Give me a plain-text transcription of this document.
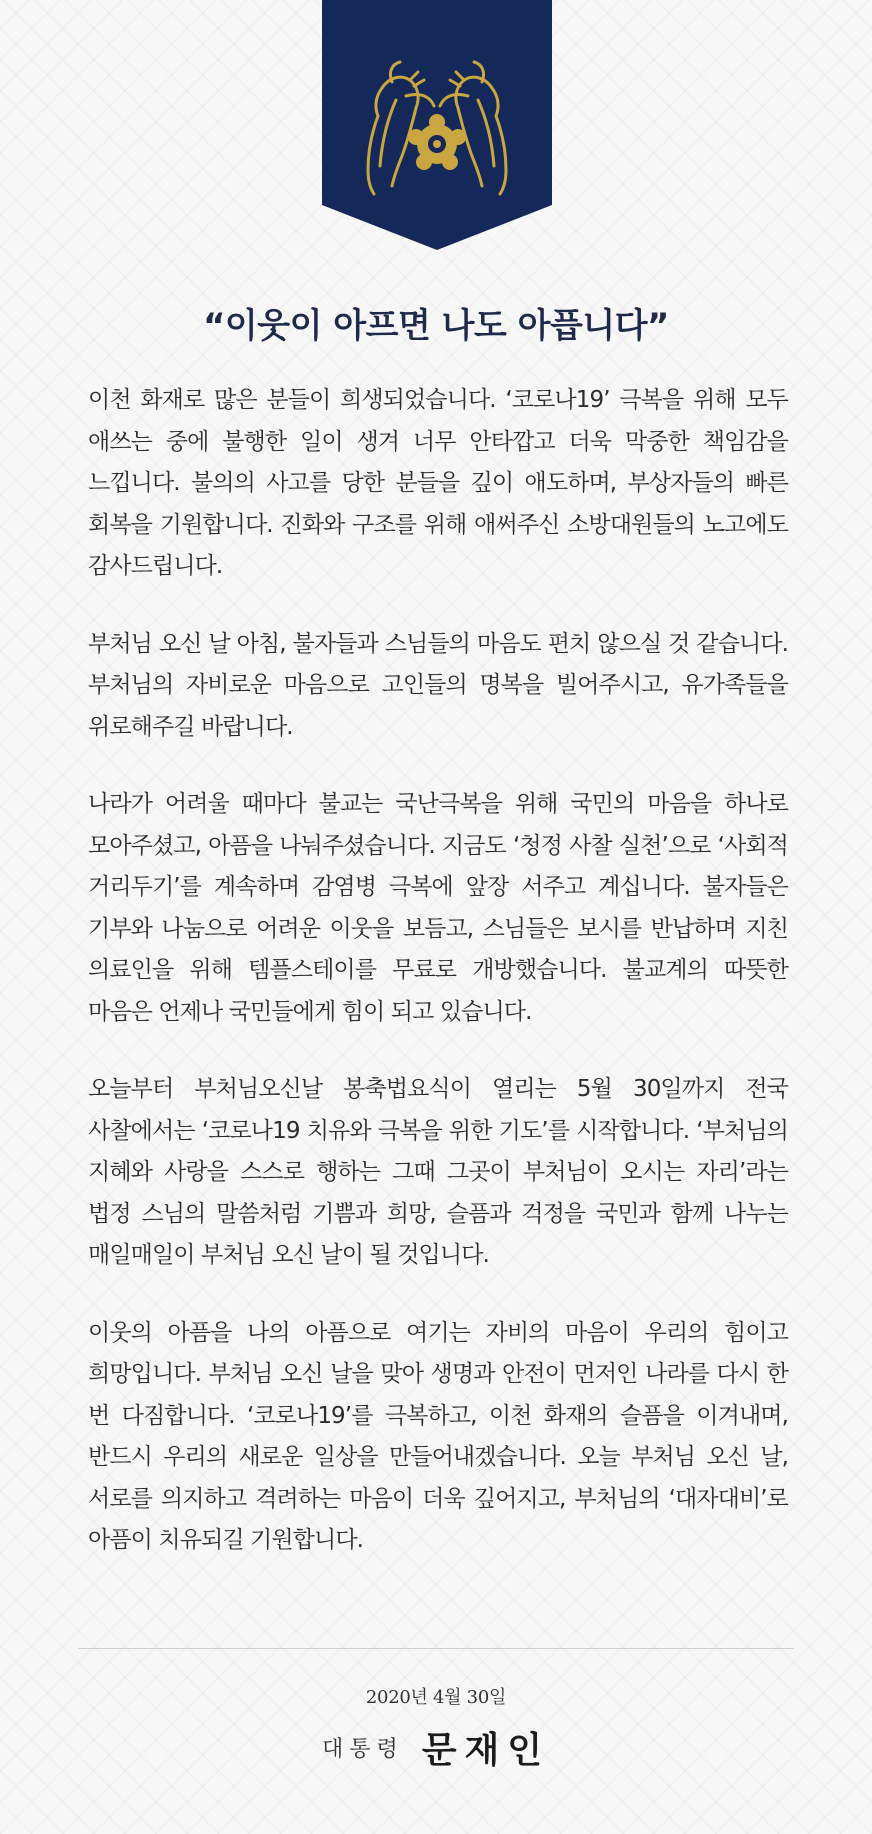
“이웃이 아프면 나도 아픕니다”

이천 화재로 많은 분들이 희생되었습니다. ‘코로나19’ 극복을 위해 모두 애쓰는 중에 불행한 일이 생겨 너무 안타깝고 더욱 막중한 책임감을 느낍니다. 불의의 사고를 당한 분들을 깊이 애도하며, 부상자들의 빠른 회복을 기원합니다. 진화와 구조를 위해 애써주신 소방대원들의 노고에도 감사드립니다.

부처님 오신 날 아침, 불자들과 스님들의 마음도 편치 않으실 것 같습니다. 부처님의 자비로운 마음으로 고인들의 명복을 빌어주시고, 유가족들을 위로해주길 바랍니다.

나라가 어려울 때마다 불교는 국난극복을 위해 국민의 마음을 하나로 모아주셨고, 아픔을 나눠주셨습니다. 지금도 ‘청정 사찰 실천’으로 ‘사회적 거리두기’를 계속하며 감염병 극복에 앞장 서주고 계십니다. 불자들은 기부와 나눔으로 어려운 이웃을 보듬고, 스님들은 보시를 반납하며 지친 의료인을 위해 템플스테이를 무료로 개방했습니다. 불교계의 따뜻한 마음은 언제나 국민들에게 힘이 되고 있습니다.

오늘부터 부처님오신날 봉축법요식이 열리는 5월 30일까지 전국 사찰에서는 ‘코로나19 치유와 극복을 위한 기도’를 시작합니다. ‘부처님의 지혜와 사랑을 스스로 행하는 그때 그곳이 부처님이 오시는 자리’라는 법정 스님의 말씀처럼 기쁨과 희망, 슬픔과 걱정을 국민과 함께 나누는 매일매일이 부처님 오신 날이 될 것입니다.

이웃의 아픔을 나의 아픔으로 여기는 자비의 마음이 우리의 힘이고 희망입니다. 부처님 오신 날을 맞아 생명과 안전이 먼저인 나라를 다시 한 번 다짐합니다. ‘코로나19’를 극복하고, 이천 화재의 슬픔을 이겨내며, 반드시 우리의 새로운 일상을 만들어내겠습니다. 오늘 부처님 오신 날, 서로를 의지하고 격려하는 마음이 더욱 깊어지고, 부처님의 ‘대자대비’로 아픔이 치유되길 기원합니다.

2020년 4월 30일
대통령 문재인
